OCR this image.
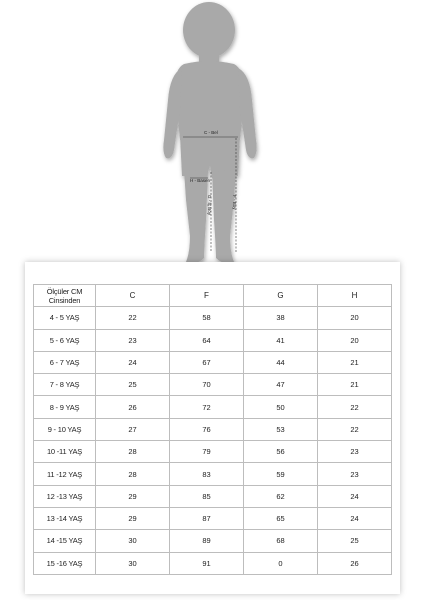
C - Bel
H - Basen
G - İç Boy	F - Boy
Ölçüler CM
Cinsinden	C	F	G	H
4 - 5 YAŞ	22	58	38	20
5 - 6 YAŞ	23	64	41	20
6 - 7 YAŞ	24	67	44	21
7 - 8 YAŞ	25	70	47	21
8 - 9 YAŞ	26	72	50	22
9 - 10 YAŞ	27	76	53	22
10 -11 YAŞ	28	79	56	23
11 -12 YAŞ	28	83	59	23
12 -13 YAŞ	29	85	62	24
13 -14 YAŞ	29	87	65	24
14 -15 YAŞ	30	89	68	25
15 -16 YAŞ	30	91	0	26
